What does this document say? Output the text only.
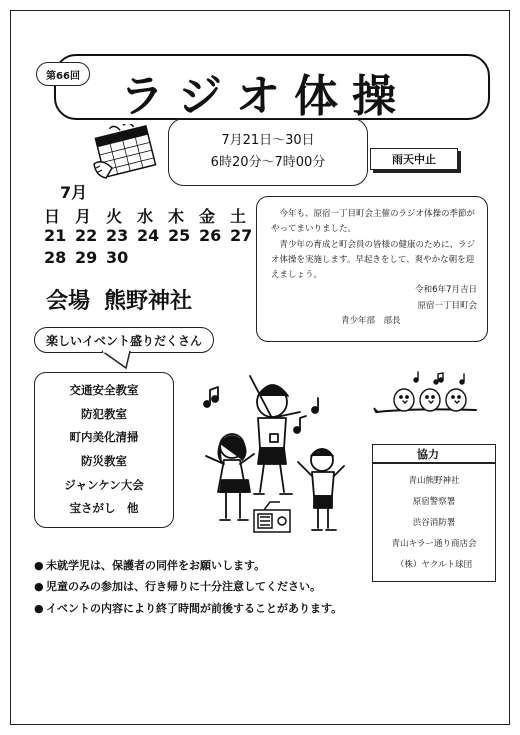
第66回 ラジオ体操
7月21日～30日
6時20分～7時00分	雨天中止
7月
日 月 火 水 木 金 土
21 22 23 24 25 26 27
28 29 30
会場 熊野神社

今年も、原宿一丁目町会主催のラジオ体操の季節がやってまいりました。

青少年の育成と町会員の皆様の健康のために、ラジオ体操を実施します。早起きをして、爽やかな朝を迎えましょう。

令和6年7月吉日

原宿一丁目町会

青少年部　部長

楽しいイベント盛りだくさん
交通安全教室
防犯教室
町内美化清掃
防災教室
ジャンケン大会
宝さがし　他
協力
青山熊野神社
原宿警察署
渋谷消防署
青山キラー通り商店会
（株）ヤクルト球団
● 未就学児は、保護者の同伴をお願いします。
● 児童のみの参加は、行き帰りに十分注意してください。
● イベントの内容により終了時間が前後することがあります。
